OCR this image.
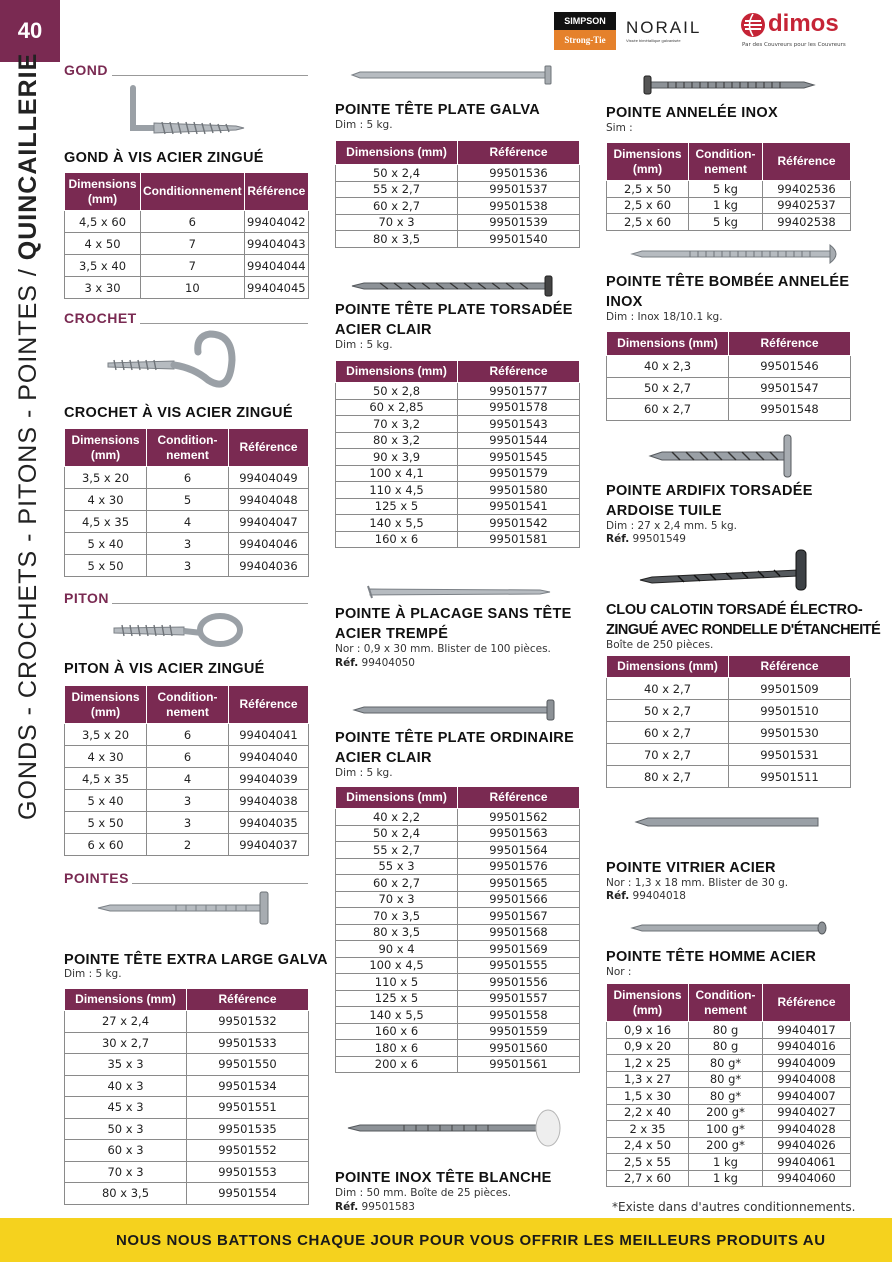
40
GONDS - CROCHETS - PITONS - POINTES / QUINCAILLERIE
SIMPSON
Strong-Tie
NORAIL
Vissée bimétallique galvanisée
dimos
Par des Couvreurs pour les Couvreurs
GOND
GOND À VIS ACIER ZINGUÉ
Dimensions (mm)	Conditionnement	Référence
4,5 x 60	6	99404042
4 x 50	7	99404043
3,5 x 40	7	99404044
3 x 30	10	99404045
CROCHET
CROCHET À VIS ACIER ZINGUÉ
Dimensions (mm)	Condition-
nement	Référence
3,5 x 20	6	99404049
4 x 30	5	99404048
4,5 x 35	4	99404047
5 x 40	3	99404046
5 x 50	3	99404036
PITON
PITON À VIS ACIER ZINGUÉ
Dimensions (mm)	Condition-
nement	Référence
3,5 x 20	6	99404041
4 x 30	6	99404040
4,5 x 35	4	99404039
5 x 40	3	99404038
5 x 50	3	99404035
6 x 60	2	99404037
POINTES
POINTE TÊTE EXTRA LARGE GALVA
Dim : 5 kg.
Dimensions (mm)	Référence
27 x 2,4	99501532
30 x 2,7	99501533
35 x 3	99501550
40 x 3	99501534
45 x 3	99501551
50 x 3	99501535
60 x 3	99501552
70 x 3	99501553
80 x 3,5	99501554
POINTE TÊTE PLATE GALVA
Dim : 5 kg.
Dimensions (mm)	Référence
50 x 2,4	99501536
55 x 2,7	99501537
60 x 2,7	99501538
70 x 3	99501539
80 x 3,5	99501540
POINTE TÊTE PLATE TORSADÉE
ACIER CLAIR
Dim : 5 kg.
Dimensions (mm)	Référence
50 x 2,8	99501577
60 x 2,85	99501578
70 x 3,2	99501543
80 x 3,2	99501544
90 x 3,9	99501545
100 x 4,1	99501579
110 x 4,5	99501580
125 x 5	99501541
140 x 5,5	99501542
160 x 6	99501581
POINTE À PLACAGE SANS TÊTE
ACIER TREMPÉ
Nor : 0,9 x 30 mm. Blister de 100 pièces.
Réf. 99404050
POINTE TÊTE PLATE ORDINAIRE
ACIER CLAIR
Dim : 5 kg.
Dimensions (mm)	Référence
40 x 2,2	99501562
50 x 2,4	99501563
55 x 2,7	99501564
55 x 3	99501576
60 x 2,7	99501565
70 x 3	99501566
70 x 3,5	99501567
80 x 3,5	99501568
90 x 4	99501569
100 x 4,5	99501555
110 x 5	99501556
125 x 5	99501557
140 x 5,5	99501558
160 x 6	99501559
180 x 6	99501560
200 x 6	99501561
POINTE INOX TÊTE BLANCHE
Dim : 50 mm. Boîte de 25 pièces.
Réf. 99501583
POINTE ANNELÉE INOX
Sim :
Dimensions (mm)	Condition-
nement	Référence
2,5 x 50	5 kg	99402536
2,5 x 60	1 kg	99402537
2,5 x 60	5 kg	99402538
POINTE TÊTE BOMBÉE ANNELÉE
INOX
Dim : Inox 18/10.1 kg.
Dimensions (mm)	Référence
40 x 2,3	99501546
50 x 2,7	99501547
60 x 2,7	99501548
POINTE ARDIFIX TORSADÉE
ARDOISE TUILE
Dim : 27 x 2,4 mm. 5 kg.
Réf. 99501549
CLOU CALOTIN TORSADÉ ÉLECTRO-
ZINGUÉ AVEC RONDELLE D'ÉTANCHEITÉ
Boîte de 250 pièces.
Dimensions (mm)	Référence
40 x 2,7	99501509
50 x 2,7	99501510
60 x 2,7	99501530
70 x 2,7	99501531
80 x 2,7	99501511
POINTE VITRIER ACIER
Nor : 1,3 x 18 mm. Blister de 30 g.
Réf. 99404018
POINTE TÊTE HOMME ACIER
Nor :
Dimensions (mm)	Condition-
nement	Référence
0,9 x 16	80 g	99404017
0,9 x 20	80 g	99404016
1,2 x 25	80 g*	99404009
1,3 x 27	80 g*	99404008
1,5 x 30	80 g*	99404007
2,2 x 40	200 g*	99404027
2 x 35	100 g*	99404028
2,4 x 50	200 g*	99404026
2,5 x 55	1 kg	99404061
2,7 x 60	1 kg	99404060
*Existe dans d'autres conditionnements.
NOUS NOUS BATTONS CHAQUE JOUR POUR VOUS OFFRIR LES MEILLEURS PRODUITS AU
